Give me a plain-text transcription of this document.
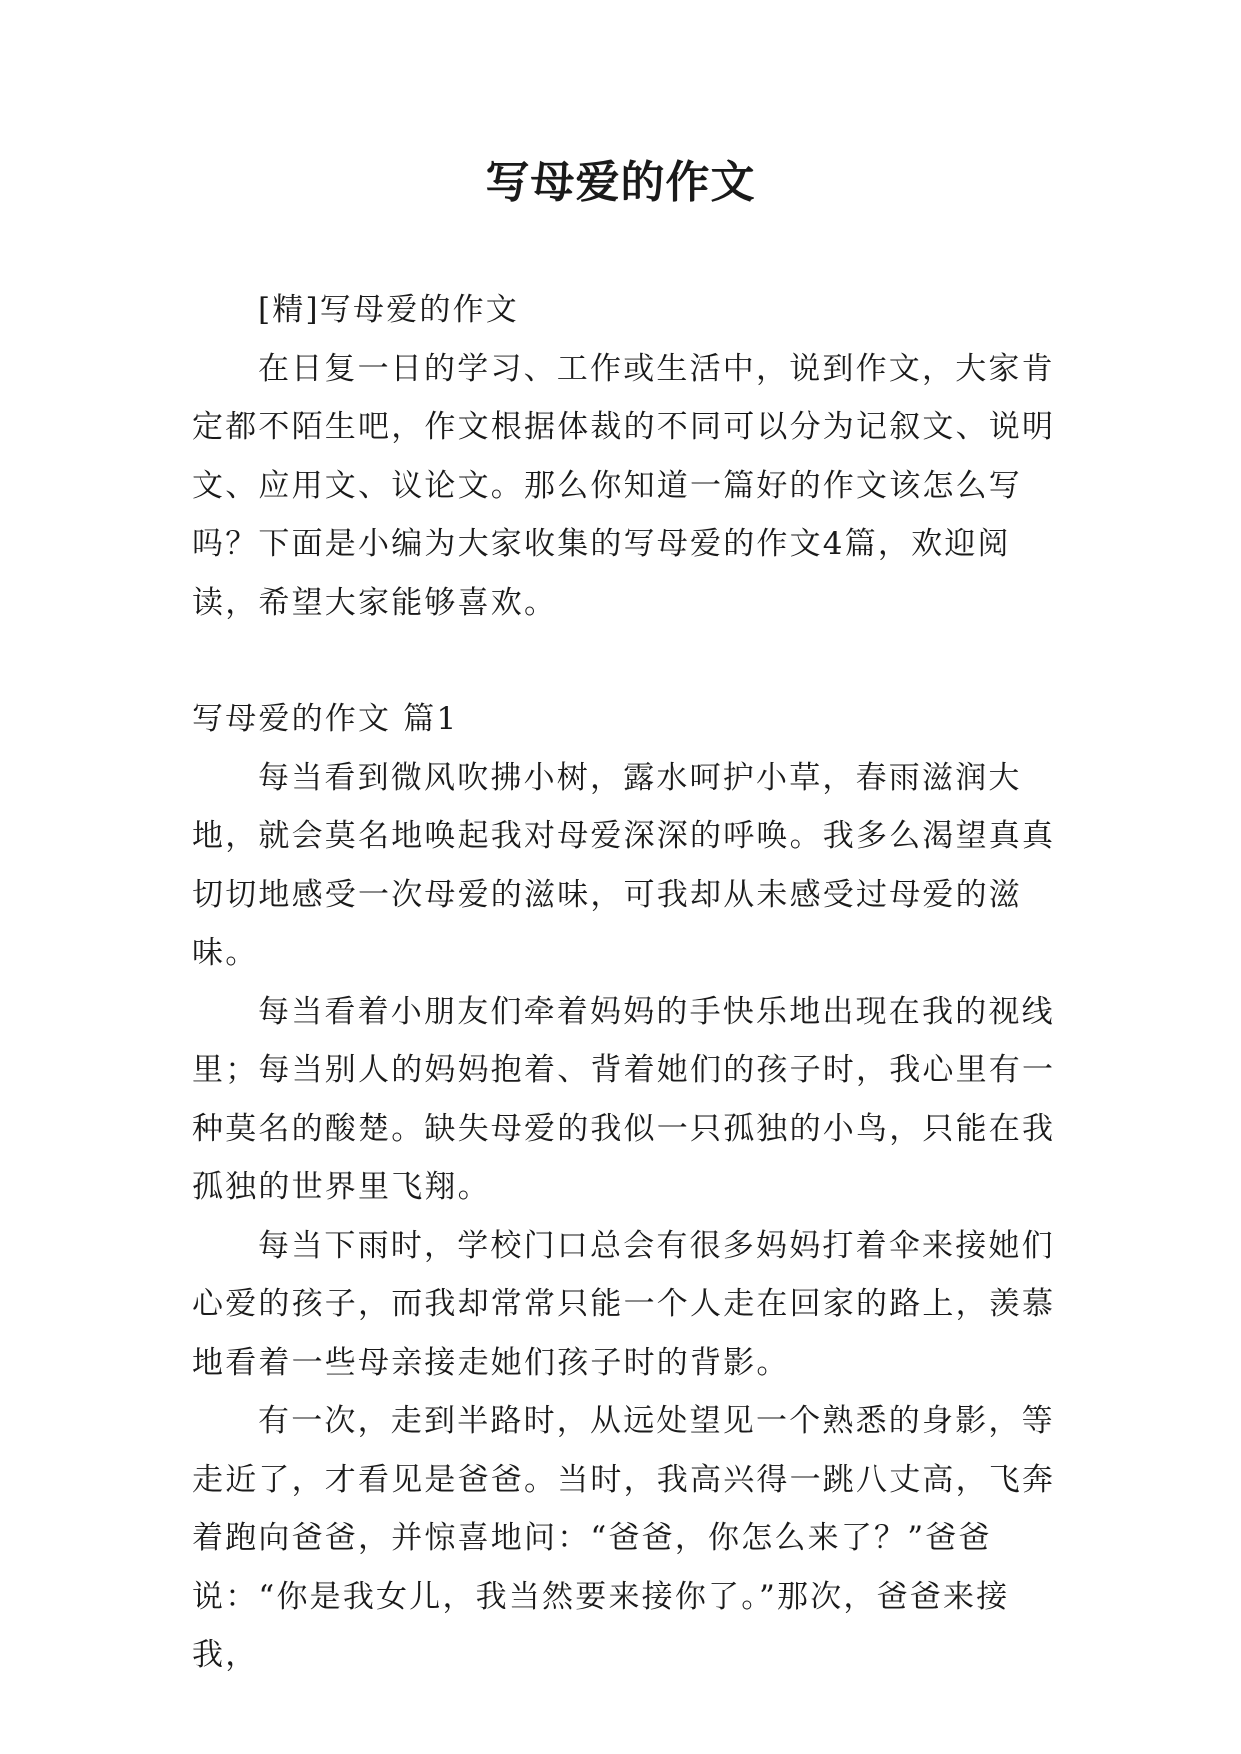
写母爱的作文

[精]写母爱的作文

在日复一日的学习、工作或生活中，说到作文，大家肯定都不陌生吧，作文根据体裁的不同可以分为记叙文、说明文、应用文、议论文。那么你知道一篇好的作文该怎么写吗？下面是小编为大家收集的写母爱的作文4篇，欢迎阅读，希望大家能够喜欢。

写母爱的作文 篇1

每当看到微风吹拂小树，露水呵护小草，春雨滋润大地，就会莫名地唤起我对母爱深深的呼唤。我多么渴望真真切切地感受一次母爱的滋味，可我却从未感受过母爱的滋味。

每当看着小朋友们牵着妈妈的手快乐地出现在我的视线里；每当别人的妈妈抱着、背着她们的孩子时，我心里有一种莫名的酸楚。缺失母爱的我似一只孤独的小鸟，只能在我孤独的世界里飞翔。

每当下雨时，学校门口总会有很多妈妈打着伞来接她们心爱的孩子，而我却常常只能一个人走在回家的路上，羡慕地看着一些母亲接走她们孩子时的背影。

有一次，走到半路时，从远处望见一个熟悉的身影，等走近了，才看见是爸爸。当时，我高兴得一跳八丈高，飞奔着跑向爸爸，并惊喜地问：“爸爸，你怎么来了？”爸爸说：“你是我女儿，我当然要来接你了。”那次，爸爸来接我，
